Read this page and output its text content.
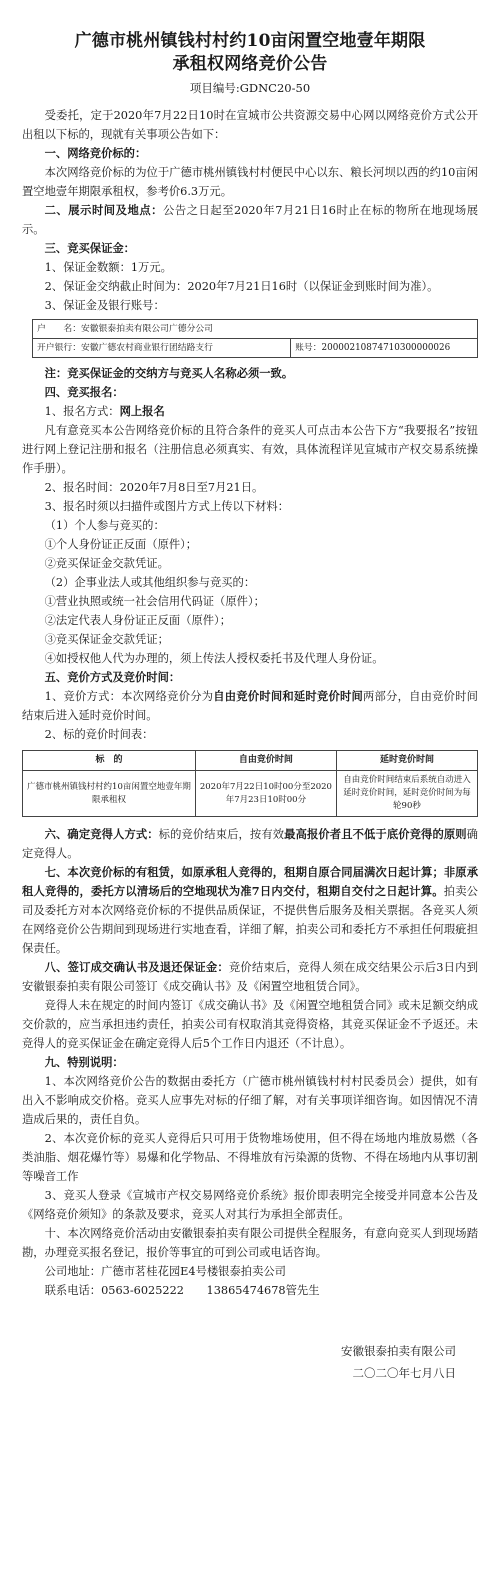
广德市桃州镇钱村村约10亩闲置空地壹年期限
承租权网络竞价公告
项目编号:GDNC20-50

受委托，定于2020年7月22日10时在宣城市公共资源交易中心网以网络竞价方式公开出租以下标的，现就有关事项公告如下：

一、网络竞价标的：

本次网络竞价标的为位于广德市桃州镇钱村村便民中心以东、粮长河坝以西的约10亩闲置空地壹年期限承租权，参考价6.3万元。

二、展示时间及地点：公告之日起至2020年7月21日16时止在标的物所在地现场展示。

三、竞买保证金：

1、保证金数额：1万元。

2、保证金交纳截止时间为：2020年7月21日16时（以保证金到账时间为准）。

3、保证金及银行账号：

户　　名：安徽银泰拍卖有限公司广德分公司
开户银行：安徽广德农村商业银行团结路支行	账号：20000210874710300000026

注：竞买保证金的交纳方与竞买人名称必须一致。

四、竞买报名：

1、报名方式：网上报名

凡有意竞买本公告网络竞价标的且符合条件的竞买人可点击本公告下方“我要报名”按钮进行网上登记注册和报名（注册信息必须真实、有效，具体流程详见宣城市产权交易系统操作手册）。

2、报名时间：2020年7月8日至7月21日。

3、报名时须以扫描件或图片方式上传以下材料：

（1）个人参与竞买的：

①个人身份证正反面（原件）；

②竞买保证金交款凭证。

（2）企事业法人或其他组织参与竞买的：

①营业执照或统一社会信用代码证（原件）；

②法定代表人身份证正反面（原件）；

③竞买保证金交款凭证；

④如授权他人代为办理的，须上传法人授权委托书及代理人身份证。

五、竞价方式及竞价时间：

1、竞价方式：本次网络竞价分为自由竞价时间和延时竞价时间两部分，自由竞价时间结束后进入延时竞价时间。

2、标的竞价时间表：

标　的	自由竞价时间	延时竞价时间
广德市桃州镇钱村村约10亩闲置空地壹年期限承租权	2020年7月22日10时00分至2020年7月23日10时00分	自由竞价时间结束后系统自动进入延时竞价时间，延时竞价时间为每轮90秒

六、确定竞得人方式：标的竞价结束后，按有效最高报价者且不低于底价竞得的原则确定竞得人。

七、本次竞价标的有租赁，如原承租人竞得的，租期自原合同届满次日起计算；非原承租人竞得的，委托方以清场后的空地现状为准7日内交付，租期自交付之日起计算。拍卖公司及委托方对本次网络竞价标的不提供品质保证，不提供售后服务及相关票据。各竞买人须在网络竞价公告期间到现场进行实地查看，详细了解，拍卖公司和委托方不承担任何瑕疵担保责任。

八、签订成交确认书及退还保证金：竞价结束后，竞得人须在成交结果公示后3日内到安徽银泰拍卖有限公司签订《成交确认书》及《闲置空地租赁合同》。

竞得人未在规定的时间内签订《成交确认书》及《闲置空地租赁合同》或未足额交纳成交价款的，应当承担违约责任，拍卖公司有权取消其竞得资格，其竞买保证金不予返还。未竞得人的竞买保证金在确定竞得人后5个工作日内退还（不计息）。

九、特别说明：

1、本次网络竞价公告的数据由委托方（广德市桃州镇钱村村村民委员会）提供，如有出入不影响成交价格。竞买人应事先对标的仔细了解，对有关事项详细咨询。如因情况不清造成后果的，责任自负。

2、本次竞价标的竞买人竞得后只可用于货物堆场使用，但不得在场地内堆放易燃（各类油脂、烟花爆竹等）易爆和化学物品、不得堆放有污染源的货物、不得在场地内从事切割等噪音工作

3、竞买人登录《宣城市产权交易网络竞价系统》报价即表明完全接受并同意本公告及《网络竞价须知》的条款及要求，竞买人对其行为承担全部责任。

十、本次网络竞价活动由安徽银泰拍卖有限公司提供全程服务，有意向竞买人到现场踏勘，办理竞买报名登记，报价等事宜的可到公司或电话咨询。

公司地址：广德市茗桂花园E4号楼银泰拍卖公司

联系电话：0563-6025222　　13865474678管先生

安徽银泰拍卖有限公司
二〇二〇年七月八日
